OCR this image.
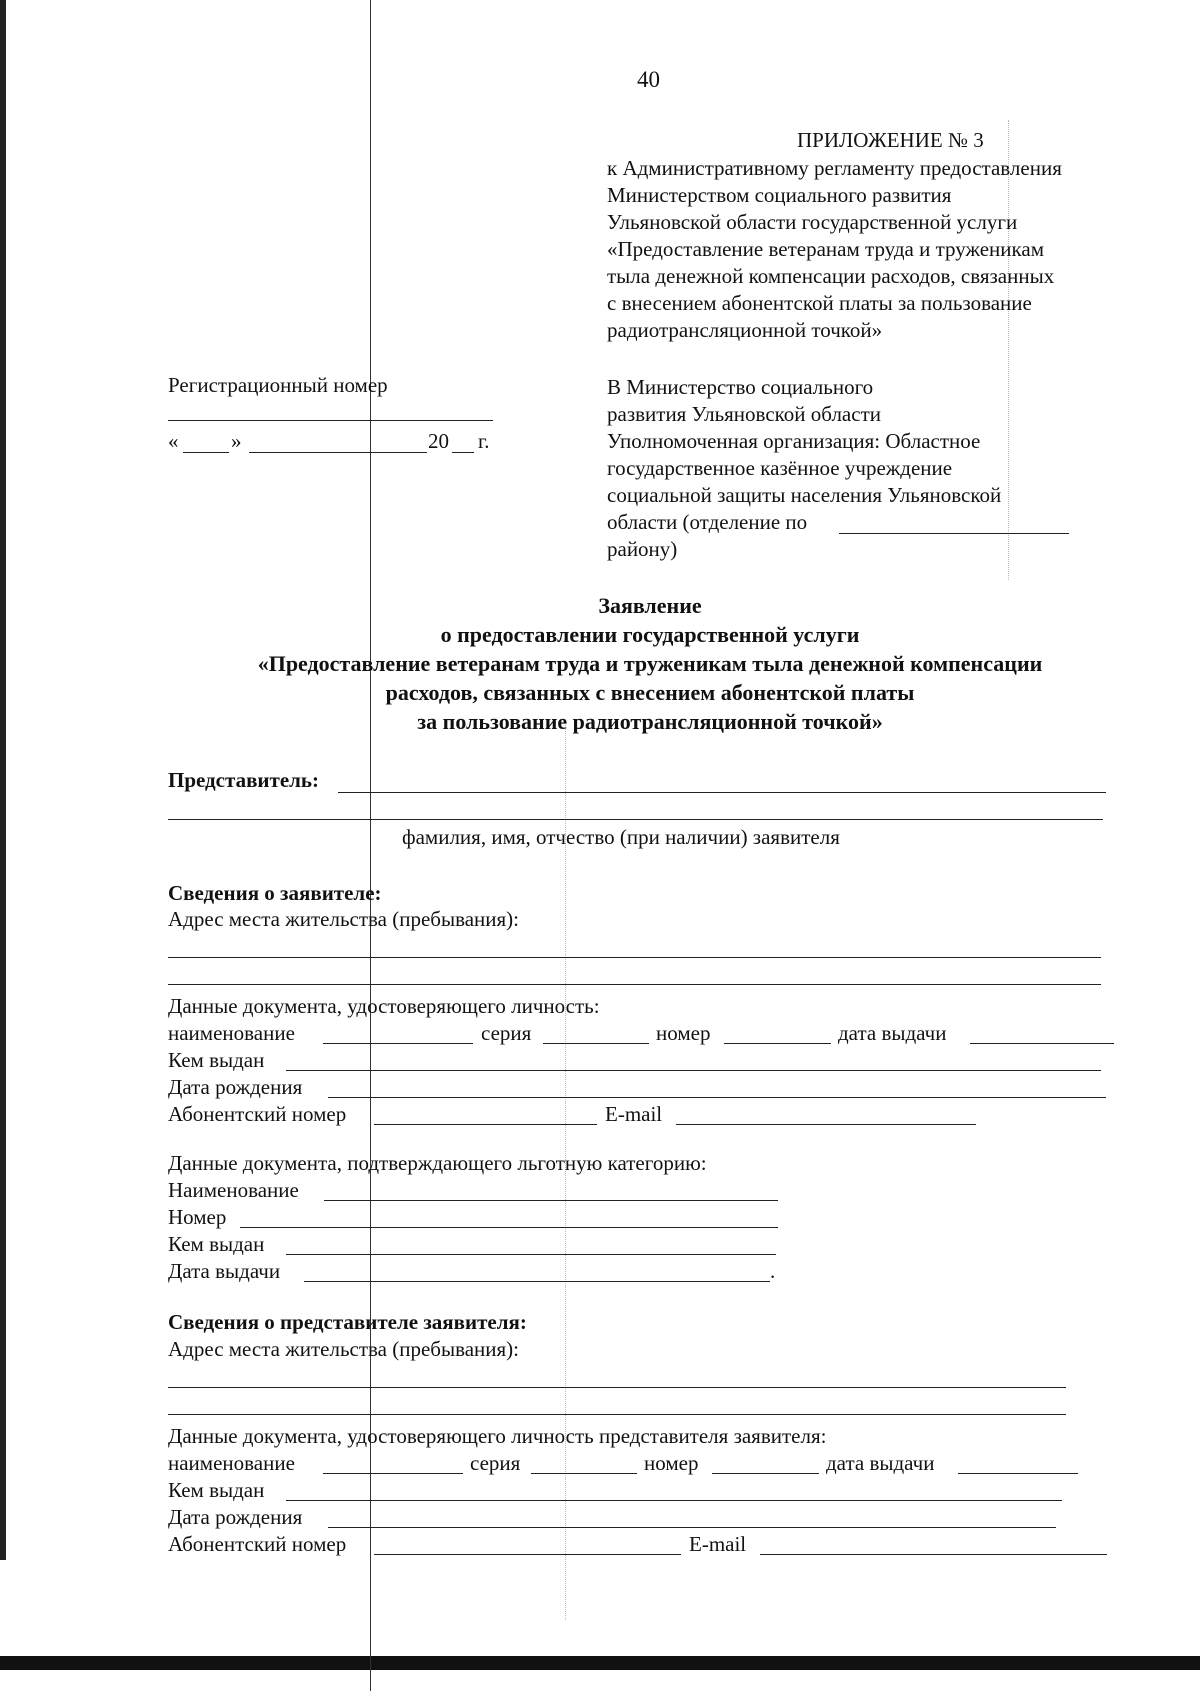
40
ПРИЛОЖЕНИЕ № 3
к Административному регламенту предоставления
Министерством социального развития
Ульяновской области государственной услуги
«Предоставление ветеранам труда и труженикам
тыла денежной компенсации расходов, связанных
с внесением абонентской платы за пользование
радиотрансляционной точкой»
Регистрационный номер
«	»	20 г.
В Министерство социального
развития Ульяновской области
Уполномоченная организация: Областное
государственное казённое учреждение
социальной защиты населения Ульяновской
области (отделение по
району)
Заявление
о предоставлении государственной услуги
«Предоставление ветеранам труда и труженикам тыла денежной компенсации
расходов, связанных с внесением абонентской платы
за пользование радиотрансляционной точкой»
Представитель:
фамилия, имя, отчество (при наличии) заявителя
Сведения о заявителе:
Адрес места жительства (пребывания):
Данные документа, удостоверяющего личность:
наименование	серия	номер	дата выдачи
Кем выдан
Дата рождения
Абонентский номер	E-mail
Данные документа, подтверждающего льготную категорию:
Наименование
Номер
Кем выдан
Дата выдачи	.
Сведения о представителе заявителя:
Адрес места жительства (пребывания):
Данные документа, удостоверяющего личность представителя заявителя:
наименование	серия	номер	дата выдачи
Кем выдан
Дата рождения
Абонентский номер	E-mail
